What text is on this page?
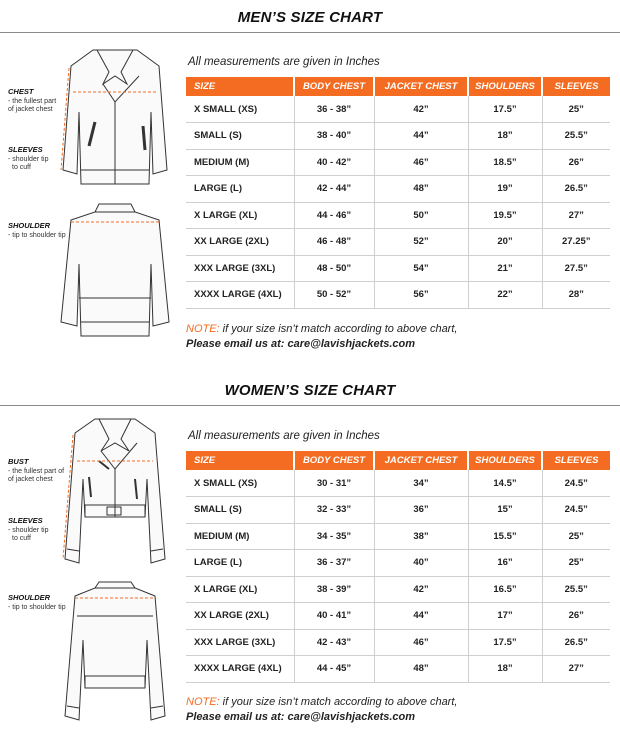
MEN’S SIZE CHART
CHEST
- the fullest part
of jacket chest
SLEEVES
- shoulder tip
to cuff
SHOULDER
- tip to shoulder tip
All measurements are given in Inches
SIZE	BODY CHEST	JACKET CHEST	SHOULDERS	SLEEVES
X SMALL (XS)	36 - 38”	42”	17.5”	25”
SMALL (S)	38 - 40”	44”	18”	25.5”
MEDIUM (M)	40 - 42”	46”	18.5”	26”
LARGE (L)	42 - 44”	48”	19”	26.5”
X LARGE (XL)	44 - 46”	50”	19.5”	27”
XX LARGE (2XL)	46 - 48”	52”	20”	27.25”
XXX LARGE (3XL)	48 - 50”	54”	21”	27.5”
XXXX LARGE (4XL)	50 - 52”	56”	22”	28”
NOTE: if your size isn’t match according to above chart,
Please email us at: care@lavishjackets.com
WOMEN’S SIZE CHART
BUST
- the fullest part of
of jacket chest
SLEEVES
- shoulder tip
to cuff
SHOULDER
- tip to shoulder tip
All measurements are given in Inches
SIZE	BODY CHEST	JACKET CHEST	SHOULDERS	SLEEVES
X SMALL (XS)	30 - 31”	34”	14.5”	24.5”
SMALL (S)	32 - 33”	36”	15”	24.5”
MEDIUM (M)	34 - 35”	38”	15.5”	25”
LARGE (L)	36 - 37”	40”	16”	25”
X LARGE (XL)	38 - 39”	42”	16.5”	25.5”
XX LARGE (2XL)	40 - 41”	44”	17”	26”
XXX LARGE (3XL)	42 - 43”	46”	17.5”	26.5”
XXXX LARGE (4XL)	44 - 45”	48”	18”	27”
NOTE: if your size isn’t match according to above chart,
Please email us at: care@lavishjackets.com
